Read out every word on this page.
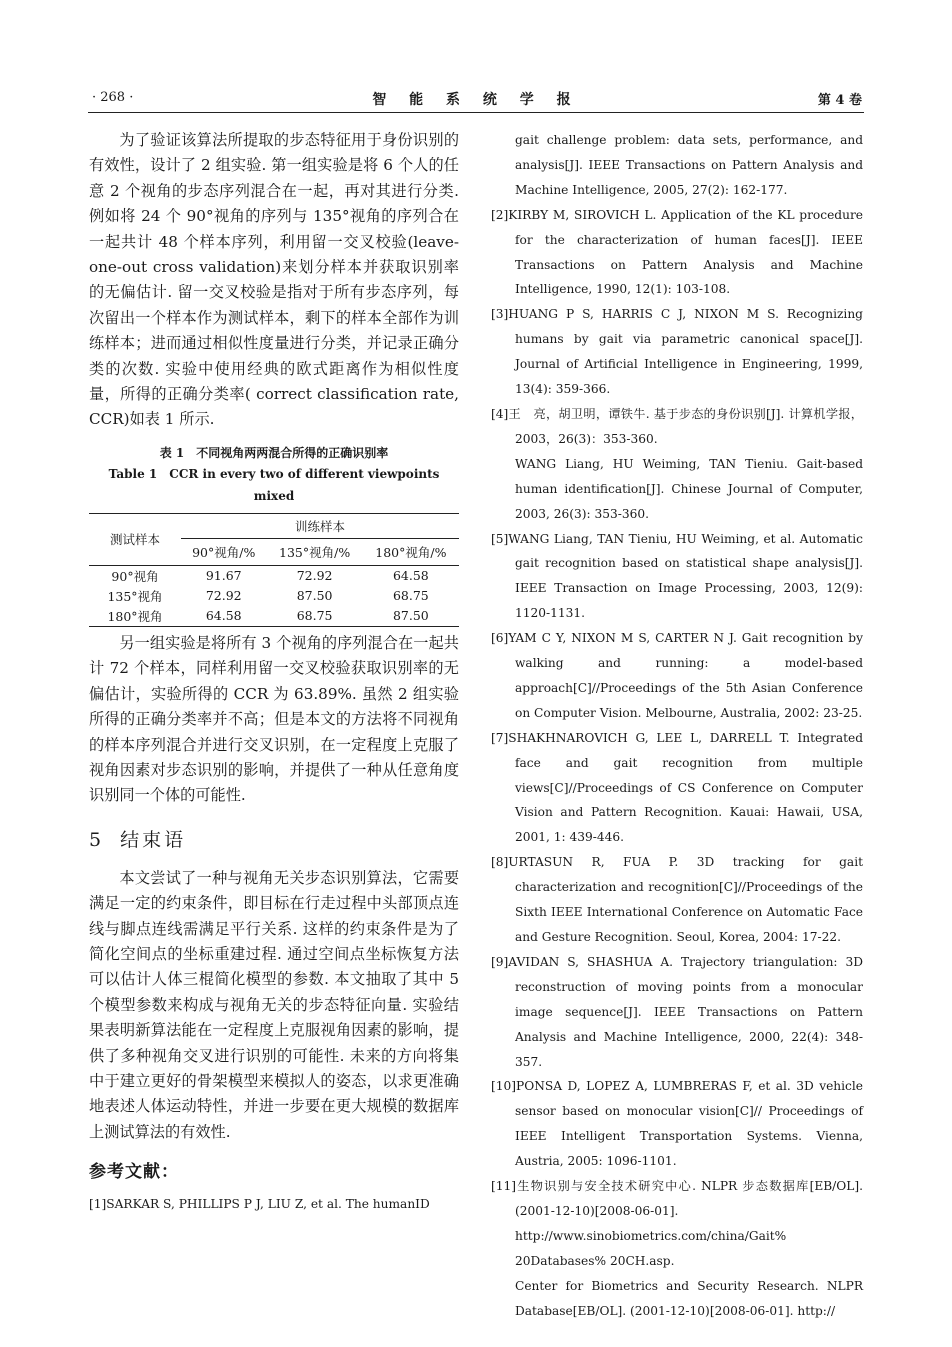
· 268 ·	智 能 系 统 学 报	第 4 卷

为了验证该算法所提取的步态特征用于身份识别的有效性，设计了 2 组实验. 第一组实验是将 6 个人的任意 2 个视角的步态序列混合在一起，再对其进行分类. 例如将 24 个 90°视角的序列与 135°视角的序列合在一起共计 48 个样本序列，利用留一交叉校验(leave-one-out cross validation)来划分样本并获取识别率的无偏估计. 留一交叉校验是指对于所有步态序列，每次留出一个样本作为测试样本，剩下的样本全部作为训练样本；进而通过相似性度量进行分类，并记录正确分类的次数. 实验中使用经典的欧式距离作为相似性度量，所得的正确分类率( correct classification rate, CCR)如表 1 所示.

表 1　不同视角两两混合所得的正确识别率
Table 1　CCR in every two of different viewpoints mixed
测试样本	训练样本		
	90°视角/%	135°视角/%	180°视角/%
90°视角	91.67	72.92	64.58
135°视角	72.92	87.50	68.75
180°视角	64.58	68.75	87.50

另一组实验是将所有 3 个视角的序列混合在一起共计 72 个样本，同样利用留一交叉校验获取识别率的无偏估计，实验所得的 CCR 为 63.89%. 虽然 2 组实验所得的正确分类率并不高；但是本文的方法将不同视角的样本序列混合并进行交叉识别，在一定程度上克服了视角因素对步态识别的影响，并提供了一种从任意角度识别同一个体的可能性.

5 结束语

本文尝试了一种与视角无关步态识别算法，它需要满足一定的约束条件，即目标在行走过程中头部顶点连线与脚点连线需满足平行关系. 这样的约束条件是为了简化空间点的坐标重建过程. 通过空间点坐标恢复方法可以估计人体三棍简化模型的参数. 本文抽取了其中 5 个模型参数来构成与视角无关的步态特征向量. 实验结果表明新算法能在一定程度上克服视角因素的影响，提供了多种视角交叉进行识别的可能性. 未来的方向将集中于建立更好的骨架模型来模拟人的姿态，以求更准确地表述人体运动特性，并进一步要在更大规模的数据库上测试算法的有效性.

参考文献：

[1]SARKAR S, PHILLIPS P J, LIU Z, et al. The humanID

gait challenge problem: data sets, performance, and analysis[J]. IEEE Transactions on Pattern Analysis and Machine Intelligence, 2005, 27(2): 162-177.

[2]KIRBY M, SIROVICH L. Application of the KL procedure for the characterization of human faces[J]. IEEE Transactions on Pattern Analysis and Machine Intelligence, 1990, 12(1): 103-108.

[3]HUANG P S, HARRIS C J, NIXON M S. Recognizing humans by gait via parametric canonical space[J]. Journal of Artificial Intelligence in Engineering, 1999, 13(4): 359-366.

[4]王　亮，胡卫明，谭铁牛. 基于步态的身份识别[J]. 计算机学报，2003，26(3)：353-360.

WANG Liang, HU Weiming, TAN Tieniu. Gait-based human identification[J]. Chinese Journal of Computer, 2003, 26(3): 353-360.

[5]WANG Liang, TAN Tieniu, HU Weiming, et al. Automatic gait recognition based on statistical shape analysis[J]. IEEE Transaction on Image Processing, 2003, 12(9): 1120-1131.

[6]YAM C Y, NIXON M S, CARTER N J. Gait recognition by walking and running: a model-based approach[C]//Proceedings of the 5th Asian Conference on Computer Vision. Melbourne, Australia, 2002: 23-25.

[7]SHAKHNAROVICH G, LEE L, DARRELL T. Integrated face and gait recognition from multiple views[C]//Proceedings of CS Conference on Computer Vision and Pattern Recognition. Kauai: Hawaii, USA, 2001, 1: 439-446.

[8]URTASUN R, FUA P. 3D tracking for gait characterization and recognition[C]//Proceedings of the Sixth IEEE International Conference on Automatic Face and Gesture Recognition. Seoul, Korea, 2004: 17-22.

[9]AVIDAN S, SHASHUA A. Trajectory triangulation: 3D reconstruction of moving points from a monocular image sequence[J]. IEEE Transactions on Pattern Analysis and Machine Intelligence, 2000, 22(4): 348-357.

[10]PONSA D, LOPEZ A, LUMBRERAS F, et al. 3D vehicle sensor based on monocular vision[C]// Proceedings of IEEE Intelligent Transportation Systems. Vienna, Austria, 2005: 1096-1101.

[11]生物识别与安全技术研究中心. NLPR 步态数据库[EB/OL]. (2001-12-10)[2008-06-01]. http://www.sinobiometrics.com/china/Gait% 20Databases% 20CH.asp.

Center for Biometrics and Security Research. NLPR Database[EB/OL]. (2001-12-10)[2008-06-01]. http://
